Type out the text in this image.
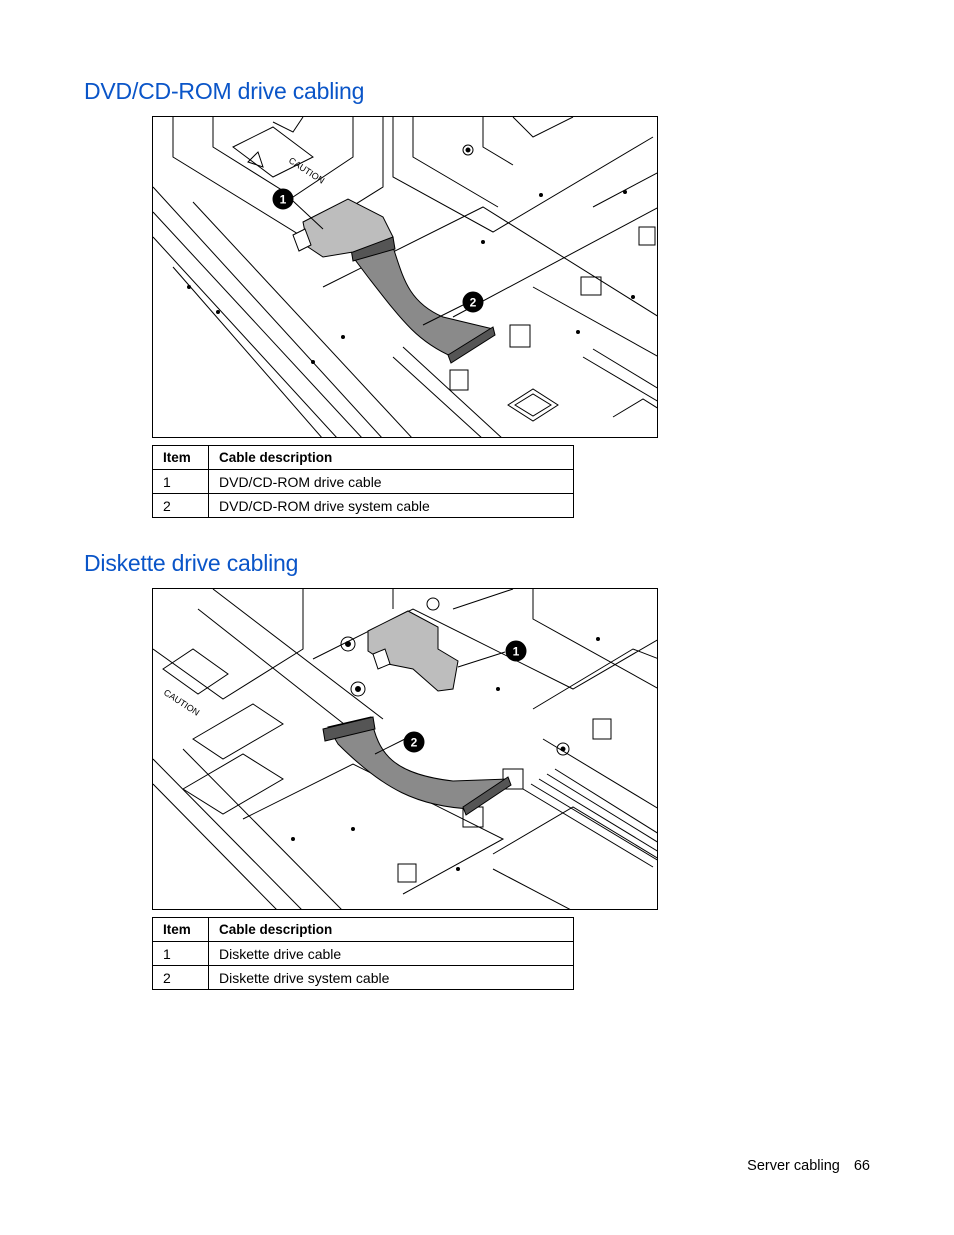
DVD/CD-ROM drive cabling
CAUTION
1
2
Item	Cable description
1	DVD/CD-ROM drive cable
2	DVD/CD-ROM drive system cable
Diskette drive cabling
CAUTION
1
2
Item	Cable description
1	Diskette drive cable
2	Diskette drive system cable
Server cabling 66
